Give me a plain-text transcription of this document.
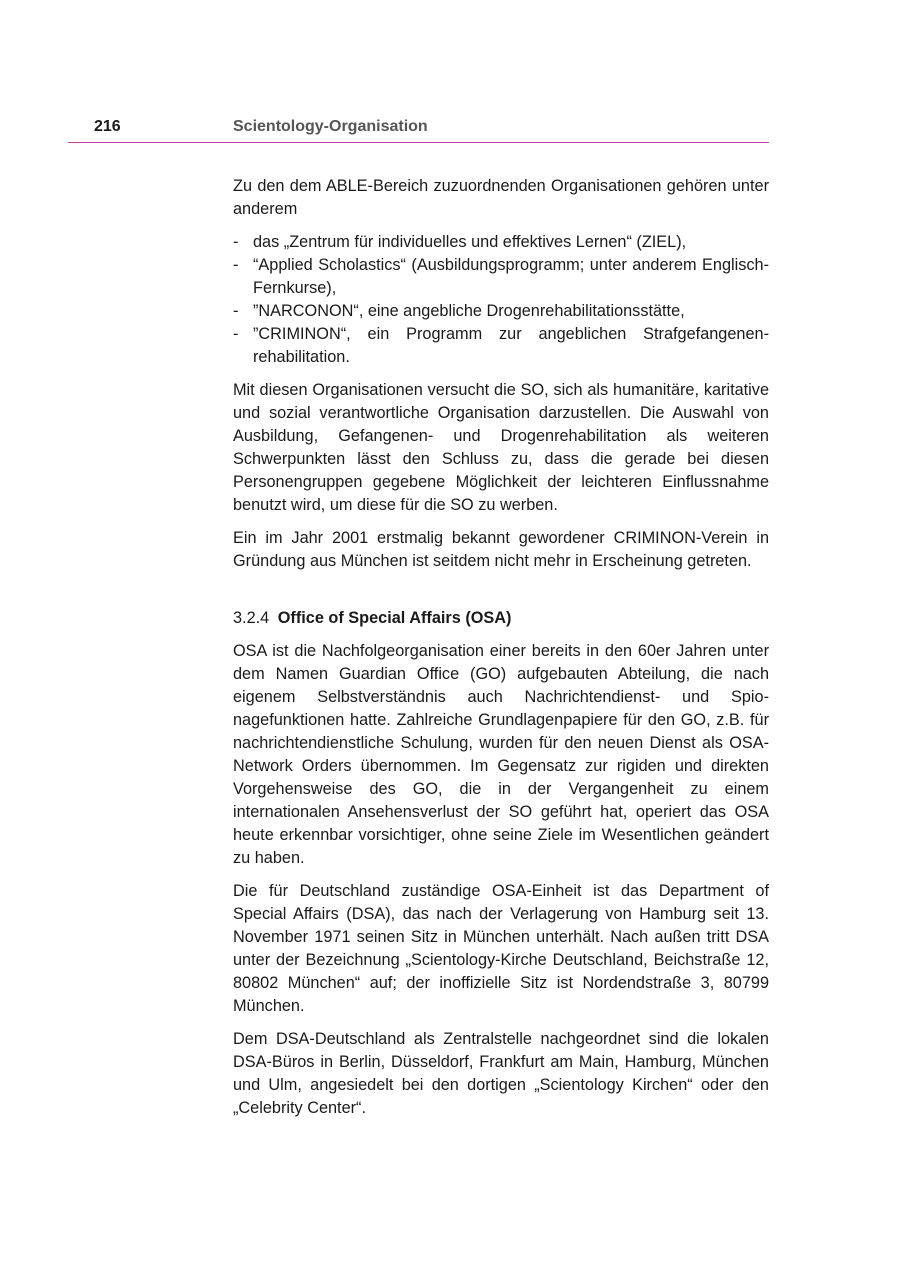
216	Scientology-Organisation

Zu den dem ABLE-Bereich zuzuordnenden Organisationen gehören unter anderem

- das „Zentrum für individuelles und effektives Lernen“ (ZIEL),
- “Applied Scholastics“ (Ausbildungsprogramm; unter anderem Englisch-Fernkurse),
- ”NARCONON“, eine angebliche Drogenrehabilitationsstätte,
- ”CRIMINON“, ein Programm zur angeblichen Strafgefangenenrehabilitation.

Mit diesen Organisationen versucht die SO, sich als humanitäre, karitative und sozial verantwortliche Organisation darzustellen. Die Auswahl von Ausbildung, Gefangenen- und Drogenrehabilitation als weiteren Schwerpunkten lässt den Schluss zu, dass die gerade bei diesen Personengruppen gegebene Möglichkeit der leichteren Einflussnahme benutzt wird, um diese für die SO zu werben.

Ein im Jahr 2001 erstmalig bekannt gewordener CRIMINON-Verein in Gründung aus München ist seitdem nicht mehr in Erscheinung getreten.

3.2.4 Office of Special Affairs (OSA)

OSA ist die Nachfolgeorganisation einer bereits in den 60er Jahren unter dem Namen Guardian Office (GO) aufgebauten Abteilung, die nach eigenem Selbstverständnis auch Nachrichtendienst- und Spionagefunktionen hatte. Zahlreiche Grundlagenpapiere für den GO, z.B. für nachrichtendienstliche Schulung, wurden für den neuen Dienst als OSA-Network Orders übernommen. Im Gegensatz zur rigiden und direkten Vorgehensweise des GO, die in der Vergangenheit zu einem internationalen Ansehensverlust der SO geführt hat, operiert das OSA heute erkennbar vorsichtiger, ohne seine Ziele im Wesentlichen geändert zu haben.

Die für Deutschland zuständige OSA-Einheit ist das Department of Special Affairs (DSA), das nach der Verlagerung von Hamburg seit 13. November 1971 seinen Sitz in München unterhält. Nach außen tritt DSA unter der Bezeichnung „Scientology-Kirche Deutschland, Beichstraße 12, 80802 München“ auf; der inoffizielle Sitz ist Nordendstraße 3, 80799 München.

Dem DSA-Deutschland als Zentralstelle nachgeordnet sind die lokalen DSA-Büros in Berlin, Düsseldorf, Frankfurt am Main, Hamburg, München und Ulm, angesiedelt bei den dortigen „Scientology Kirchen“ oder den „Celebrity Center“.
